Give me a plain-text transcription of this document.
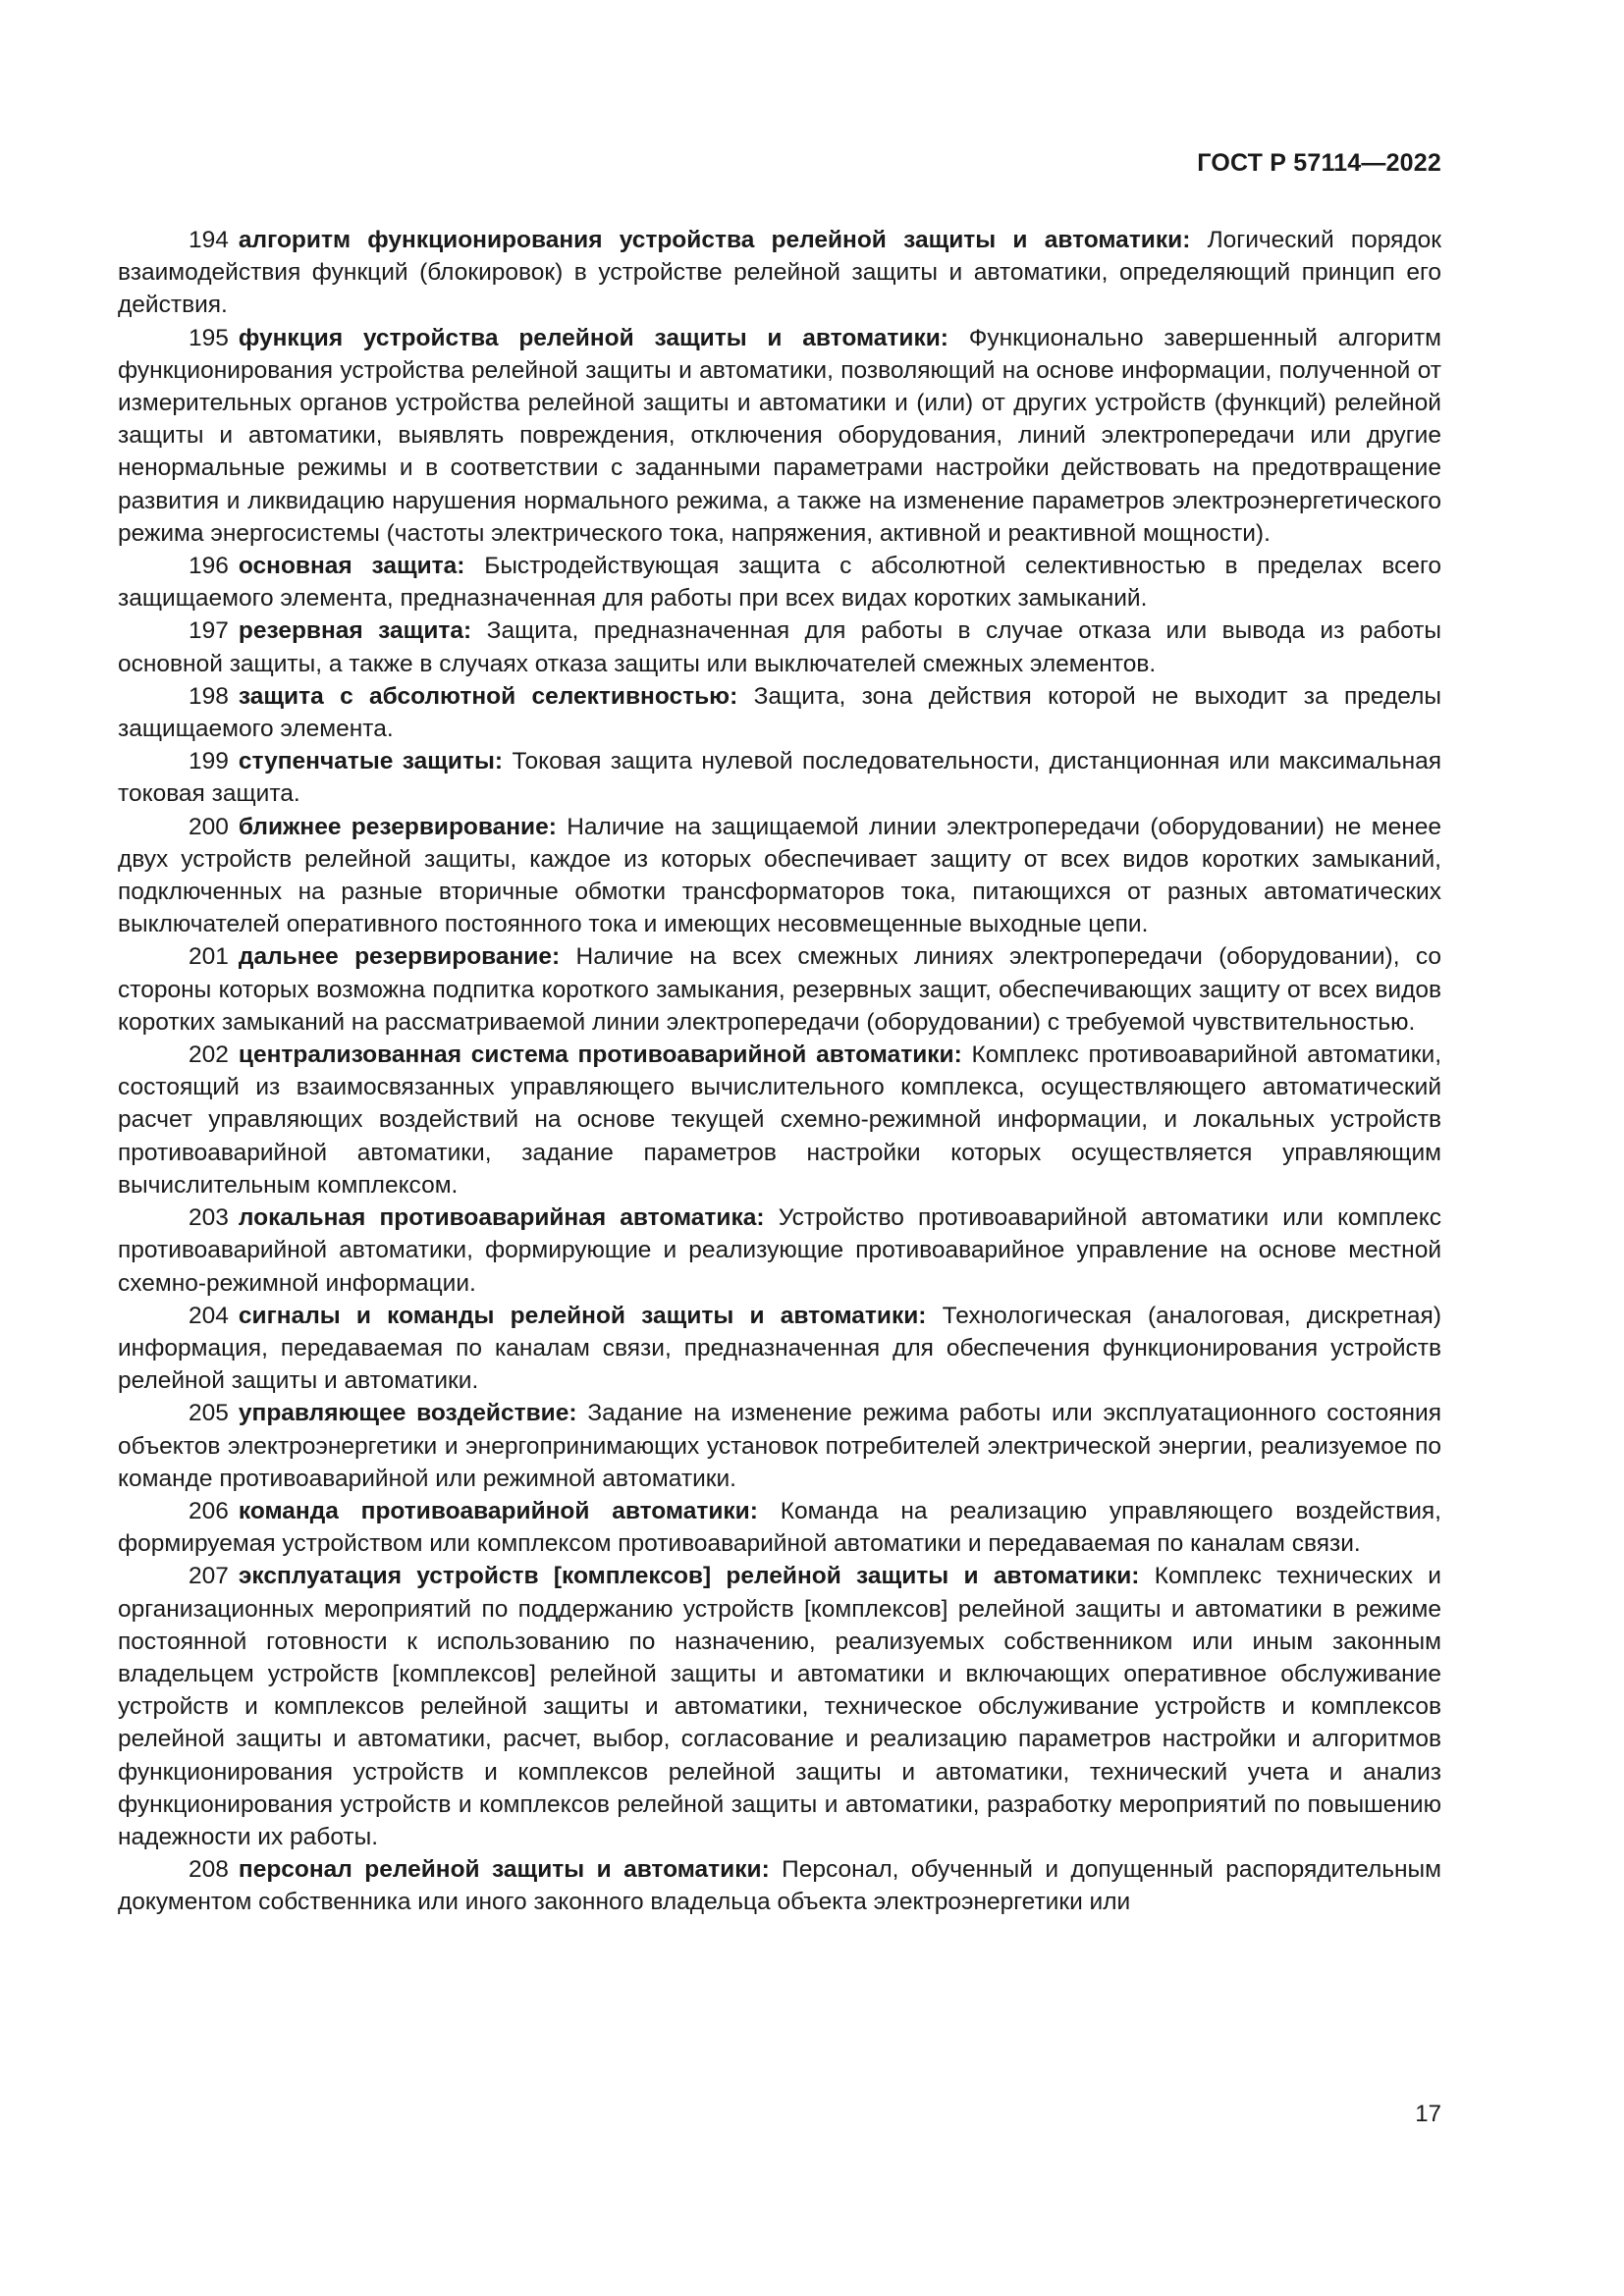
ГОСТ Р 57114—2022

194 алгоритм функционирования устройства релейной защиты и автоматики: Логический порядок взаимодействия функций (блокировок) в устройстве релейной защиты и автоматики, определяющий принцип его действия.

195 функция устройства релейной защиты и автоматики: Функционально завершенный алгоритм функционирования устройства релейной защиты и автоматики, позволяющий на основе информации, полученной от измерительных органов устройства релейной защиты и автоматики и (или) от других устройств (функций) релейной защиты и автоматики, выявлять повреждения, отключения оборудования, линий электропередачи или другие ненормальные режимы и в соответствии с заданными параметрами настройки действовать на предотвращение развития и ликвидацию нарушения нормального режима, а также на изменение параметров электроэнергетического режима энергосистемы (частоты электрического тока, напряжения, активной и реактивной мощности).

196 основная защита: Быстродействующая защита с абсолютной селективностью в пределах всего защищаемого элемента, предназначенная для работы при всех видах коротких замыканий.

197 резервная защита: Защита, предназначенная для работы в случае отказа или вывода из работы основной защиты, а также в случаях отказа защиты или выключателей смежных элементов.

198 защита с абсолютной селективностью: Защита, зона действия которой не выходит за пределы защищаемого элемента.

199 ступенчатые защиты: Токовая защита нулевой последовательности, дистанционная или максимальная токовая защита.

200 ближнее резервирование: Наличие на защищаемой линии электропередачи (оборудовании) не менее двух устройств релейной защиты, каждое из которых обеспечивает защиту от всех видов коротких замыканий, подключенных на разные вторичные обмотки трансформаторов тока, питающихся от разных автоматических выключателей оперативного постоянного тока и имеющих несовмещенные выходные цепи.

201 дальнее резервирование: Наличие на всех смежных линиях электропередачи (оборудовании), со стороны которых возможна подпитка короткого замыкания, резервных защит, обеспечивающих защиту от всех видов коротких замыканий на рассматриваемой линии электропередачи (оборудовании) с требуемой чувствительностью.

202 централизованная система противоаварийной автоматики: Комплекс противоаварийной автоматики, состоящий из взаимосвязанных управляющего вычислительного комплекса, осуществляющего автоматический расчет управляющих воздействий на основе текущей схемно-режимной информации, и локальных устройств противоаварийной автоматики, задание параметров настройки которых осуществляется управляющим вычислительным комплексом.

203 локальная противоаварийная автоматика: Устройство противоаварийной автоматики или комплекс противоаварийной автоматики, формирующие и реализующие противоаварийное управление на основе местной схемно-режимной информации.

204 сигналы и команды релейной защиты и автоматики: Технологическая (аналоговая, дискретная) информация, передаваемая по каналам связи, предназначенная для обеспечения функционирования устройств релейной защиты и автоматики.

205 управляющее воздействие: Задание на изменение режима работы или эксплуатационного состояния объектов электроэнергетики и энергопринимающих установок потребителей электрической энергии, реализуемое по команде противоаварийной или режимной автоматики.

206 команда противоаварийной автоматики: Команда на реализацию управляющего воздействия, формируемая устройством или комплексом противоаварийной автоматики и передаваемая по каналам связи.

207 эксплуатация устройств [комплексов] релейной защиты и автоматики: Комплекс технических и организационных мероприятий по поддержанию устройств [комплексов] релейной защиты и автоматики в режиме постоянной готовности к использованию по назначению, реализуемых собственником или иным законным владельцем устройств [комплексов] релейной защиты и автоматики и включающих оперативное обслуживание устройств и комплексов релейной защиты и автоматики, техническое обслуживание устройств и комплексов релейной защиты и автоматики, расчет, выбор, согласование и реализацию параметров настройки и алгоритмов функционирования устройств и комплексов релейной защиты и автоматики, технический учета и анализ функционирования устройств и комплексов релейной защиты и автоматики, разработку мероприятий по повышению надежности их работы.

208 персонал релейной защиты и автоматики: Персонал, обученный и допущенный распорядительным документом собственника или иного законного владельца объекта электроэнергетики или

17
